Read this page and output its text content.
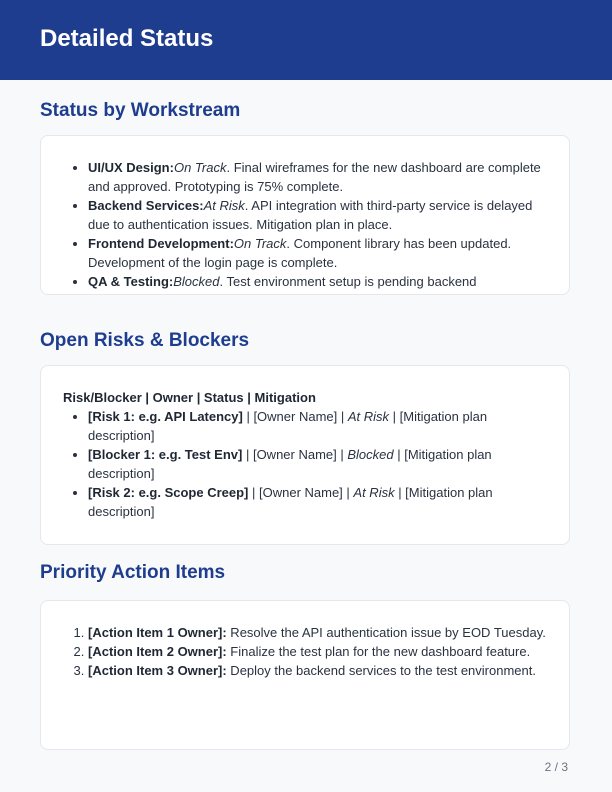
Detailed Status
Status by Workstream
• UI/UX Design:On Track. Final wireframes for the new dashboard are complete and approved. Prototyping is 75% complete.
• Backend Services:At Risk. API integration with third-party service is delayed due to authentication issues. Mitigation plan in place.
• Frontend Development:On Track. Component library has been updated. Development of the login page is complete.
• QA & Testing:Blocked. Test environment setup is pending backend
Open Risks & Blockers
Risk/Blocker | Owner | Status | Mitigation
• [Risk 1: e.g. API Latency] | [Owner Name] | At Risk | [Mitigation plan description]
• [Blocker 1: e.g. Test Env] | [Owner Name] | Blocked | [Mitigation plan description]
• [Risk 2: e.g. Scope Creep] | [Owner Name] | At Risk | [Mitigation plan description]
Priority Action Items
1. [Action Item 1 Owner]: Resolve the API authentication issue by EOD Tuesday.
2. [Action Item 2 Owner]: Finalize the test plan for the new dashboard feature.
3. [Action Item 3 Owner]: Deploy the backend services to the test environment.
2 / 3
